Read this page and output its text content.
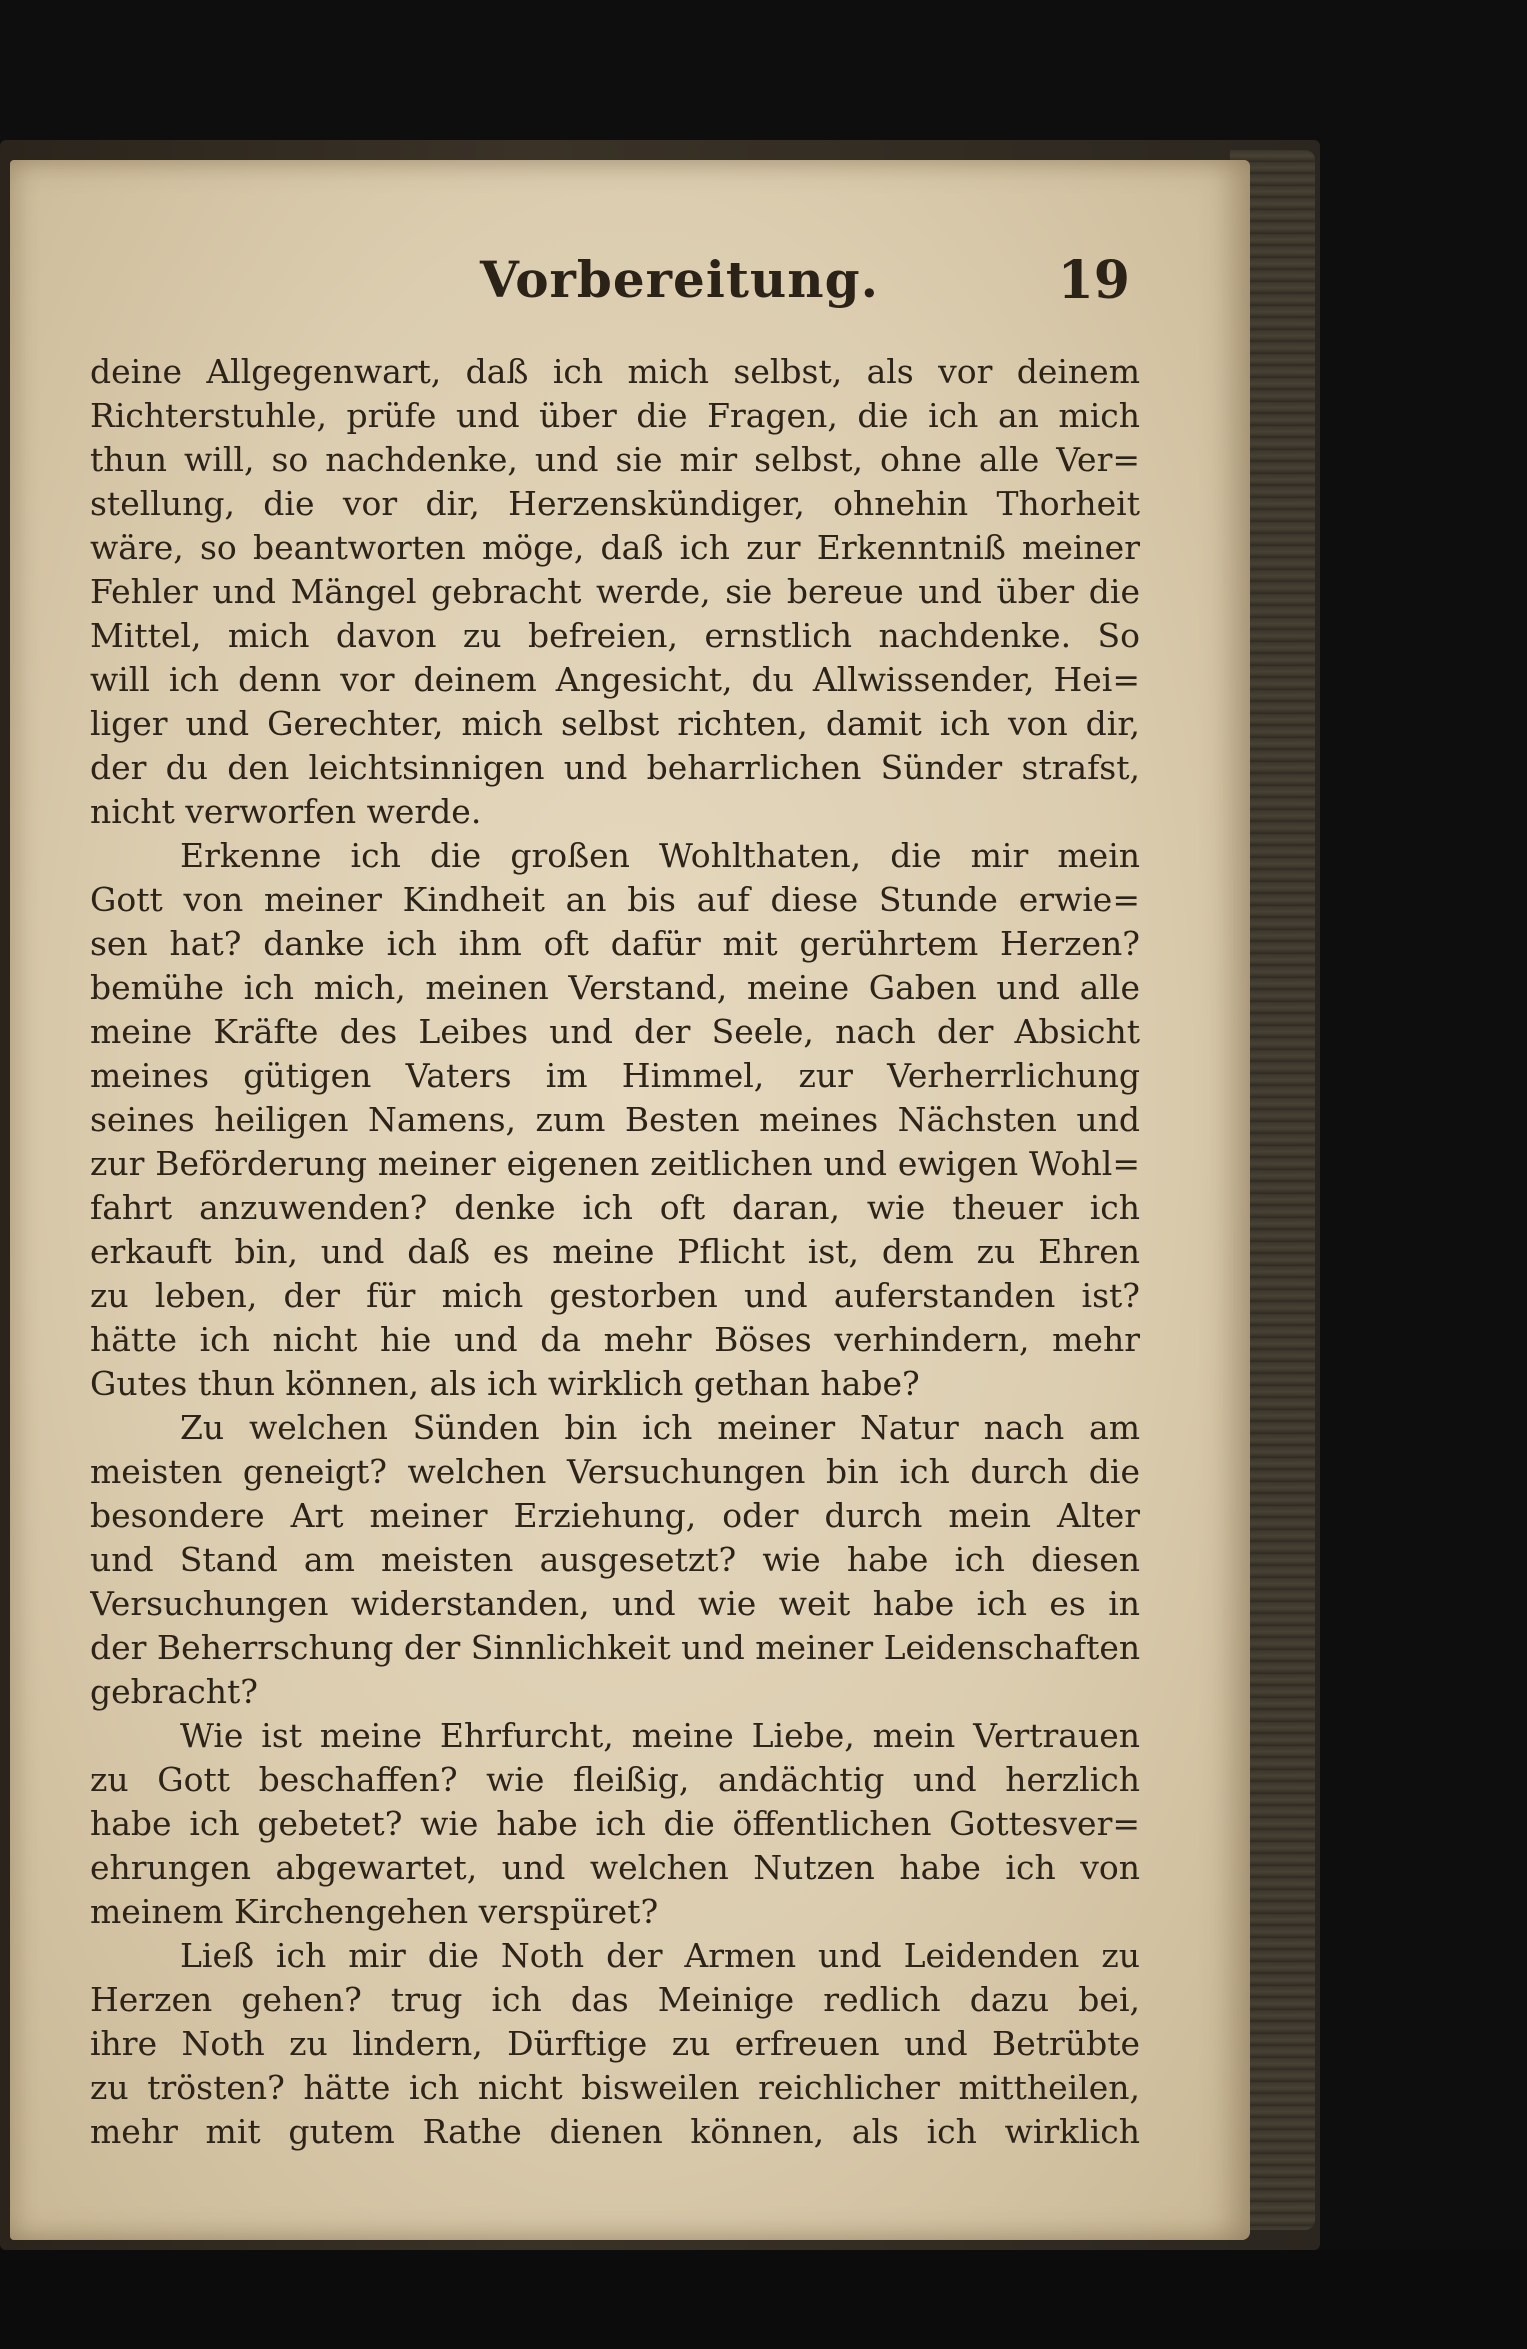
Vorbereitung.	19
deine Allgegenwart, daß ich mich selbst, als vor deinem
Richterstuhle, prüfe und über die Fragen, die ich an mich
thun will, so nachdenke, und sie mir selbst, ohne alle Ver=
stellung, die vor dir, Herzenskündiger, ohnehin Thorheit
wäre, so beantworten möge, daß ich zur Erkenntniß meiner
Fehler und Mängel gebracht werde, sie bereue und über die
Mittel, mich davon zu befreien, ernstlich nachdenke. So
will ich denn vor deinem Angesicht, du Allwissender, Hei=
liger und Gerechter, mich selbst richten, damit ich von dir,
der du den leichtsinnigen und beharrlichen Sünder strafst,
nicht verworfen werde.
Erkenne ich die großen Wohlthaten, die mir mein
Gott von meiner Kindheit an bis auf diese Stunde erwie=
sen hat? danke ich ihm oft dafür mit gerührtem Herzen?
bemühe ich mich, meinen Verstand, meine Gaben und alle
meine Kräfte des Leibes und der Seele, nach der Absicht
meines gütigen Vaters im Himmel, zur Verherrlichung
seines heiligen Namens, zum Besten meines Nächsten und
zur Beförderung meiner eigenen zeitlichen und ewigen Wohl=
fahrt anzuwenden? denke ich oft daran, wie theuer ich
erkauft bin, und daß es meine Pflicht ist, dem zu Ehren
zu leben, der für mich gestorben und auferstanden ist?
hätte ich nicht hie und da mehr Böses verhindern, mehr
Gutes thun können, als ich wirklich gethan habe?
Zu welchen Sünden bin ich meiner Natur nach am
meisten geneigt? welchen Versuchungen bin ich durch die
besondere Art meiner Erziehung, oder durch mein Alter
und Stand am meisten ausgesetzt? wie habe ich diesen
Versuchungen widerstanden, und wie weit habe ich es in
der Beherrschung der Sinnlichkeit und meiner Leidenschaften
gebracht?
Wie ist meine Ehrfurcht, meine Liebe, mein Vertrauen
zu Gott beschaffen? wie fleißig, andächtig und herzlich
habe ich gebetet? wie habe ich die öffentlichen Gottesver=
ehrungen abgewartet, und welchen Nutzen habe ich von
meinem Kirchengehen verspüret?
Ließ ich mir die Noth der Armen und Leidenden zu
Herzen gehen? trug ich das Meinige redlich dazu bei,
ihre Noth zu lindern, Dürftige zu erfreuen und Betrübte
zu trösten? hätte ich nicht bisweilen reichlicher mittheilen,
mehr mit gutem Rathe dienen können, als ich wirklich
